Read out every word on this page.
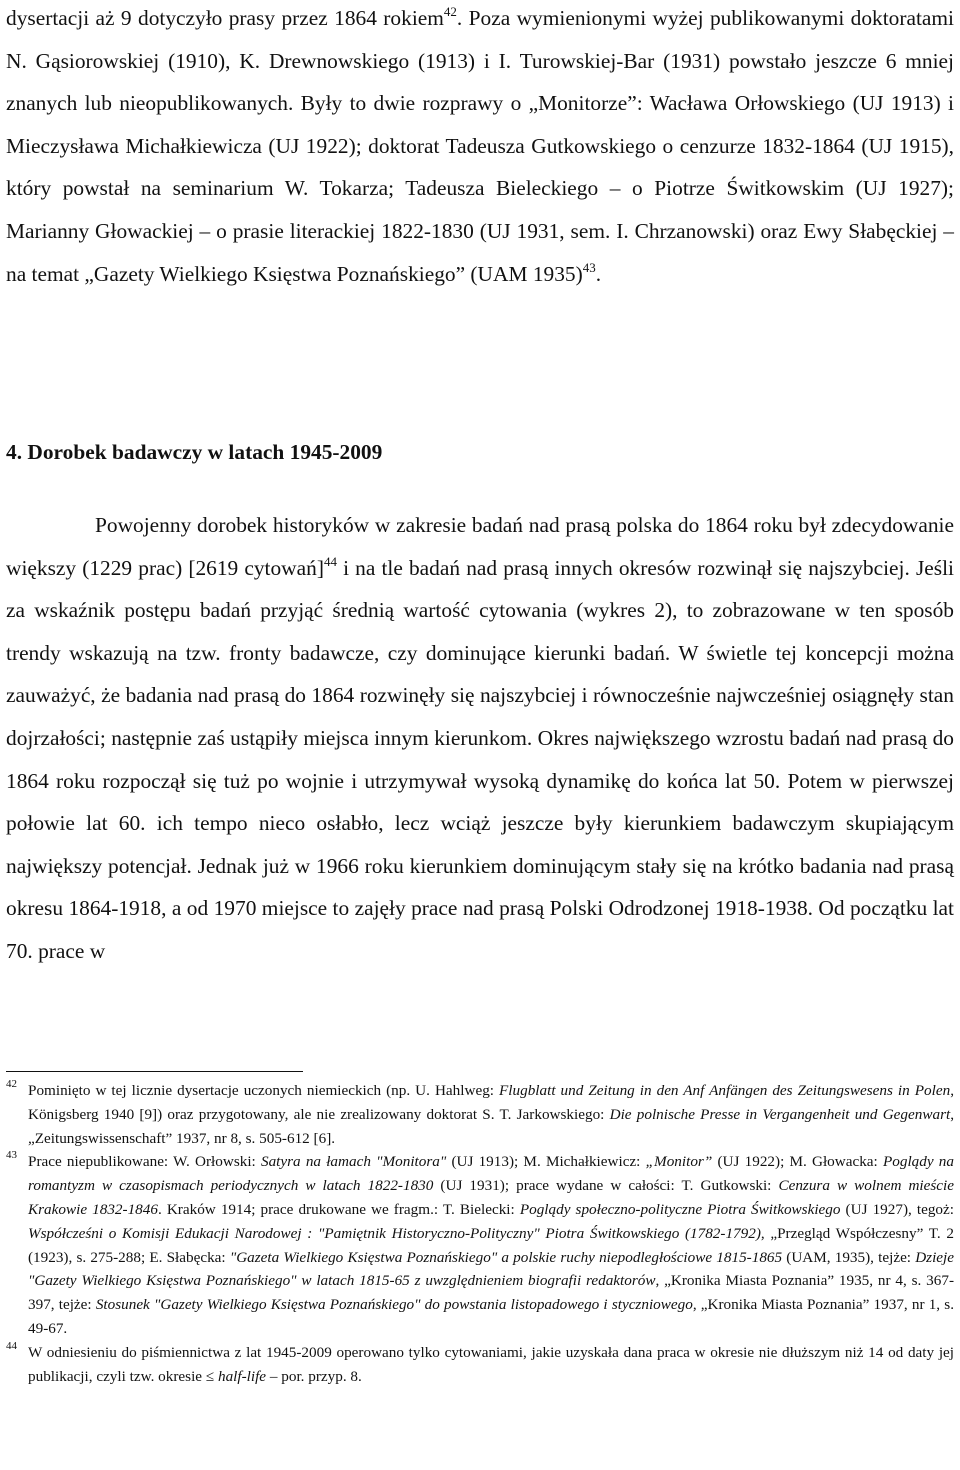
dysertacji aż 9 dotyczyło prasy przez 1864 rokiem$^{42}$. Poza wymienionymi wyżej publikowanymi doktoratami N. Gąsiorowskiej (1910), K. Drewnowskiego (1913) i I. Turowskiej-Bar (1931) powstało jeszcze 6 mniej znanych lub nieopublikowanych. Były to dwie rozprawy o „Monitorze”: Wacława Orłowskiego (UJ 1913) i Mieczysława Michałkiewicza (UJ 1922); doktorat Tadeusza Gutkowskiego o cenzurze 1832-1864 (UJ 1915), który powstał na seminarium W. Tokarza; Tadeusza Bieleckiego – o Piotrze Świtkowskim (UJ 1927); Marianny Głowackiej – o prasie literackiej 1822-1830 (UJ 1931, sem. I. Chrzanowski) oraz Ewy Słabęckiej – na temat „Gazety Wielkiego Księstwa Poznańskiego” (UAM 1935)$^{43}$.

4. Dorobek badawczy w latach 1945-2009

Powojenny dorobek historyków w zakresie badań nad prasą polska do 1864 roku był zdecydowanie większy (1229 prac) [2619 cytowań]$^{44}$ i na tle badań nad prasą innych okresów rozwinął się najszybciej. Jeśli za wskaźnik postępu badań przyjąć średnią wartość cytowania (wykres 2), to zobrazowane w ten sposób trendy wskazują na tzw. fronty badawcze, czy dominujące kierunki badań. W świetle tej koncepcji można zauważyć, że badania nad prasą do 1864 rozwinęły się najszybciej i równocześnie najwcześniej osiągnęły stan dojrzałości; następnie zaś ustąpiły miejsca innym kierunkom. Okres największego wzrostu badań nad prasą do 1864 roku rozpoczął się tuż po wojnie i utrzymywał wysoką dynamikę do końca lat 50. Potem w pierwszej połowie lat 60. ich tempo nieco osłabło, lecz wciąż jeszcze były kierunkiem badawczym skupiającym największy potencjał. Jednak już w 1966 roku kierunkiem dominującym stały się na krótko badania nad prasą okresu 1864-1918, a od 1970 miejsce to zajęły prace nad prasą Polski Odrodzonej 1918-1938. Od początku lat 70. prace w

42 Pominięto w tej licznie dysertacje uczonych niemieckich (np. U. Hahlweg: Flugblatt und Zeitung in den Anf Anfängen des Zeitungswesens in Polen, Königsberg 1940 [9]) oraz przygotowany, ale nie zrealizowany doktorat S. T. Jarkowskiego: Die polnische Presse in Vergangenheit und Gegenwart, „Zeitungswissenschaft” 1937, nr 8, s. 505-612 [6].

43 Prace niepublikowane: W. Orłowski: Satyra na łamach "Monitora" (UJ 1913); M. Michałkiewicz: „Monitor” (UJ 1922); M. Głowacka: Poglądy na romantyzm w czasopismach periodycznych w latach 1822-1830 (UJ 1931); prace wydane w całości: T. Gutkowski: Cenzura w wolnem mieście Krakowie 1832-1846. Kraków 1914; prace drukowane we fragm.: T. Bielecki: Poglądy społeczno-polityczne Piotra Świtkowskiego (UJ 1927), tegoż: Współcześni o Komisji Edukacji Narodowej : "Pamiętnik Historyczno-Polityczny" Piotra Świtkowskiego (1782-1792), „Przegląd Współczesny” T. 2 (1923), s. 275-288; E. Słabęcka: "Gazeta Wielkiego Księstwa Poznańskiego" a polskie ruchy niepodległościowe 1815-1865 (UAM, 1935), tejże: Dzieje "Gazety Wielkiego Księstwa Poznańskiego" w latach 1815-65 z uwzględnieniem biografii redaktorów, „Kronika Miasta Poznania” 1935, nr 4, s. 367-397, tejże: Stosunek "Gazety Wielkiego Księstwa Poznańskiego" do powstania listopadowego i styczniowego, „Kronika Miasta Poznania” 1937, nr 1, s. 49-67.

44 W odniesieniu do piśmiennictwa z lat 1945-2009 operowano tylko cytowaniami, jakie uzyskała dana praca w okresie nie dłuższym niż 14 od daty jej publikacji, czyli tzw. okresie ≤ half-life – por. przyp. 8.
